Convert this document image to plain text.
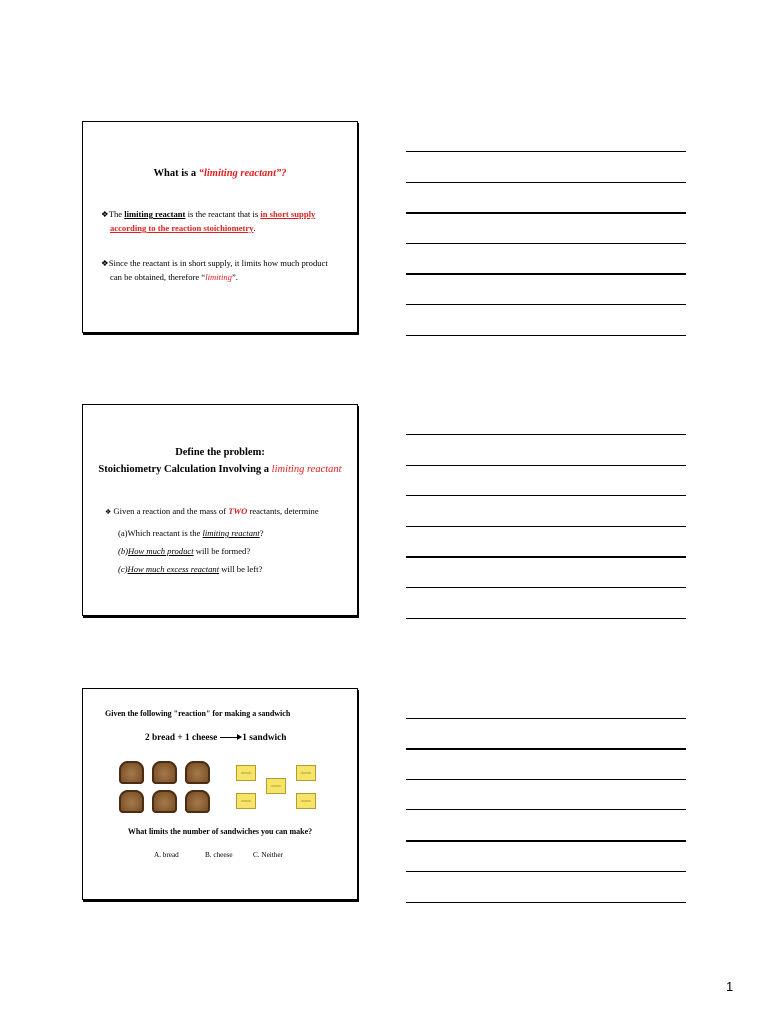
What is a “limiting reactant”?
❖The limiting reactant is the reactant that is in short supply
according to the reaction stoichiometry.
❖Since the reactant is in short supply, it limits how much product
can be obtained, therefore “limiting”.
Define the problem:
Stoichiometry Calculation Involving a limiting reactant
❖ Given a reaction and the mass of TWO reactants, determine
(a)Which reactant is the limiting reactant?
(b)How much product will be formed?
(c)How much excess reactant will be left?
Given the following "reaction" for making a sandwich
2 bread + 1 cheese	1 sandwich
What limits the number of sandwiches you can make?
A. bread	B. cheese	C. Neither
1
